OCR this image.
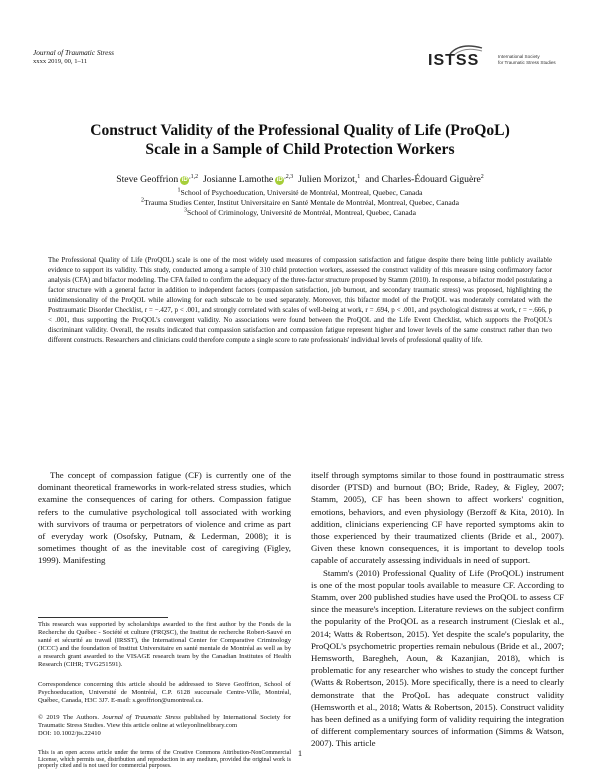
Journal of Traumatic Stress
xxxx 2019, 00, 1–11	ISTSS	International Society
for Traumatic Stress Studies
Construct Validity of the Professional Quality of Life (ProQoL)
Scale in a Sample of Child Protection Workers
Steve Geoffrion $iD^{,1,2}$ Josianne Lamothe $iD^{,2,3}$ Julien Morizot,$^1$ and Charles-Édouard Giguère$^2$
$^1$School of Psychoeducation, Université de Montréal, Montreal, Quebec, Canada
$^2$Trauma Studies Center, Institut Universitaire en Santé Mentale de Montréal, Montreal, Quebec, Canada
$^3$School of Criminology, Université de Montréal, Montreal, Quebec, Canada
The Professional Quality of Life (ProQOL) scale is one of the most widely used measures of compassion satisfaction and fatigue despite there being little publicly available evidence to support its validity. This study, conducted among a sample of 310 child protection workers, assessed the construct validity of this measure using confirmatory factor analysis (CFA) and bifactor modeling. The CFA failed to confirm the adequacy of the three-factor structure proposed by Stamm (2010). In response, a bifactor model postulating a factor structure with a general factor in addition to independent factors (compassion satisfaction, job burnout, and secondary traumatic stress) was proposed, highlighting the unidimensionality of the ProQOL while allowing for each subscale to be used separately. Moreover, this bifactor model of the ProQOL was moderately correlated with the Posttraumatic Disorder Checklist, r = −.427, p < .001, and strongly correlated with scales of well-being at work, r = .694, p < .001, and psychological distress at work, r = −.666, p < .001, thus supporting the ProQOL's convergent validity. No associations were found between the ProQOL and the Life Event Checklist, which supports the ProQOL's discriminant validity. Overall, the results indicated that compassion satisfaction and compassion fatigue represent higher and lower levels of the same construct rather than two different constructs. Researchers and clinicians could therefore compute a single score to rate professionals' individual levels of professional quality of life.

The concept of compassion fatigue (CF) is currently one of the dominant theoretical frameworks in work-related stress studies, which examine the consequences of caring for others. Compassion fatigue refers to the cumulative psychological toll associated with working with survivors of trauma or perpetrators of violence and crime as part of everyday work (Osofsky, Putnam, & Lederman, 2008); it is sometimes thought of as the inevitable cost of caregiving (Figley, 1999). Manifesting

This research was supported by scholarships awarded to the first author by the Fonds de la Recherche du Québec - Société et culture (FRQSC), the Institut de recherche Robert-Sauvé en santé et sécurité au travail (IRSST), the International Center for Comparative Criminology (ICCC) and the foundation of Institut Universitaire en santé mentale de Montréal as well as by a research grant awarded to the VISAGE research team by the Canadian Institutes of Health Research (CIHR; TVG251591).

Correspondence concerning this article should be addressed to Steve Geoffrion, School of Psychoeducation, Université de Montréal, C.P. 6128 succursale Centre-Ville, Montréal, Québec, Canada, H3C 3J7. E-mail: s.geoffrion@umontreal.ca.

© 2019 The Authors. Journal of Traumatic Stress published by International Society for Traumatic Stress Studies. View this article online at wileyonlinelibrary.com

DOI: 10.1002/jts.22410

This is an open access article under the terms of the Creative Commons Attribution-NonCommercial License, which permits use, distribution and reproduction in any medium, provided the original work is properly cited and is not used for commercial purposes.

itself through symptoms similar to those found in posttraumatic stress disorder (PTSD) and burnout (BO; Bride, Radey, & Figley, 2007; Stamm, 2005), CF has been shown to affect workers' cognition, emotions, behaviors, and even physiology (Berzoff & Kita, 2010). In addition, clinicians experiencing CF have reported symptoms akin to those experienced by their traumatized clients (Bride et al., 2007). Given these known consequences, it is important to develop tools capable of accurately assessing individuals in need of support.

Stamm's (2010) Professional Quality of Life (ProQOL) instrument is one of the most popular tools available to measure CF. According to Stamm, over 200 published studies have used the ProQOL to assess CF since the measure's inception. Literature reviews on the subject confirm the popularity of the ProQOL as a research instrument (Cieslak et al., 2014; Watts & Robertson, 2015). Yet despite the scale's popularity, the ProQOL's psychometric properties remain nebulous (Bride et al., 2007; Hemsworth, Baregheh, Aoun, & Kazanjian, 2018), which is problematic for any researcher who wishes to study the concept further (Watts & Robertson, 2015). More specifically, there is a need to clearly demonstrate that the ProQoL has adequate construct validity (Hemsworth et al., 2018; Watts & Robertson, 2015). Construct validity has been defined as a unifying form of validity requiring the integration of different complementary sources of information (Simms & Watson, 2007). This article

1
